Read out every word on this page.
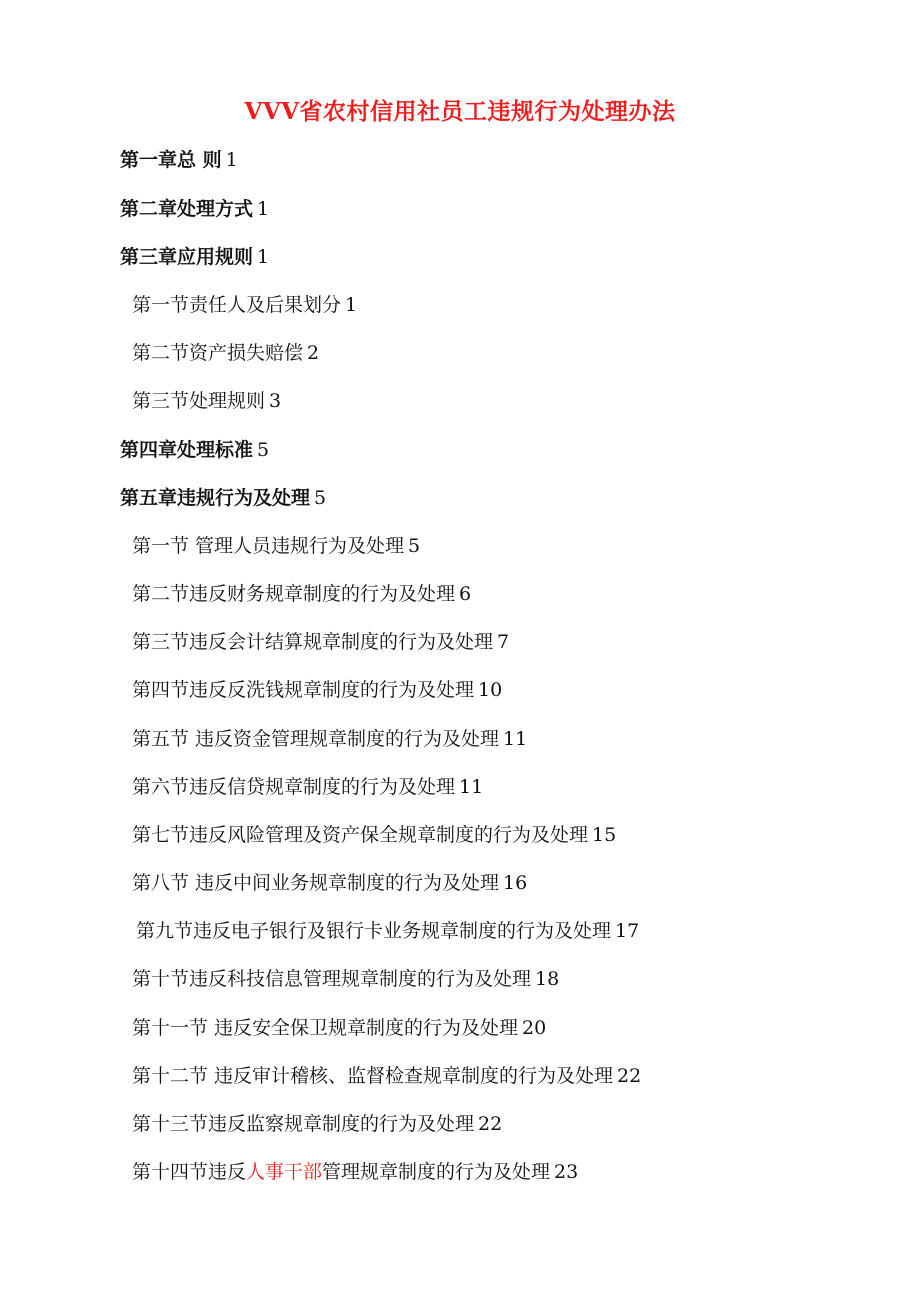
VVV省农村信用社员工违规行为处理办法
第一章总 则 1
第二章处理方式 1
第三章应用规则 1
第一节责任人及后果划分 1
第二节资产损失赔偿 2
第三节处理规则 3
第四章处理标准 5
第五章违规行为及处理 5
第一节 管理人员违规行为及处理 5
第二节违反财务规章制度的行为及处理 6
第三节违反会计结算规章制度的行为及处理 7
第四节违反反洗钱规章制度的行为及处理 10
第五节 违反资金管理规章制度的行为及处理 11
第六节违反信贷规章制度的行为及处理 11
第七节违反风险管理及资产保全规章制度的行为及处理 15
第八节 违反中间业务规章制度的行为及处理 16
第九节违反电子银行及银行卡业务规章制度的行为及处理 17
第十节违反科技信息管理规章制度的行为及处理 18
第十一节 违反安全保卫规章制度的行为及处理 20
第十二节 违反审计稽核、监督检查规章制度的行为及处理 22
第十三节违反监察规章制度的行为及处理 22
第十四节违反人事干部管理规章制度的行为及处理 23
